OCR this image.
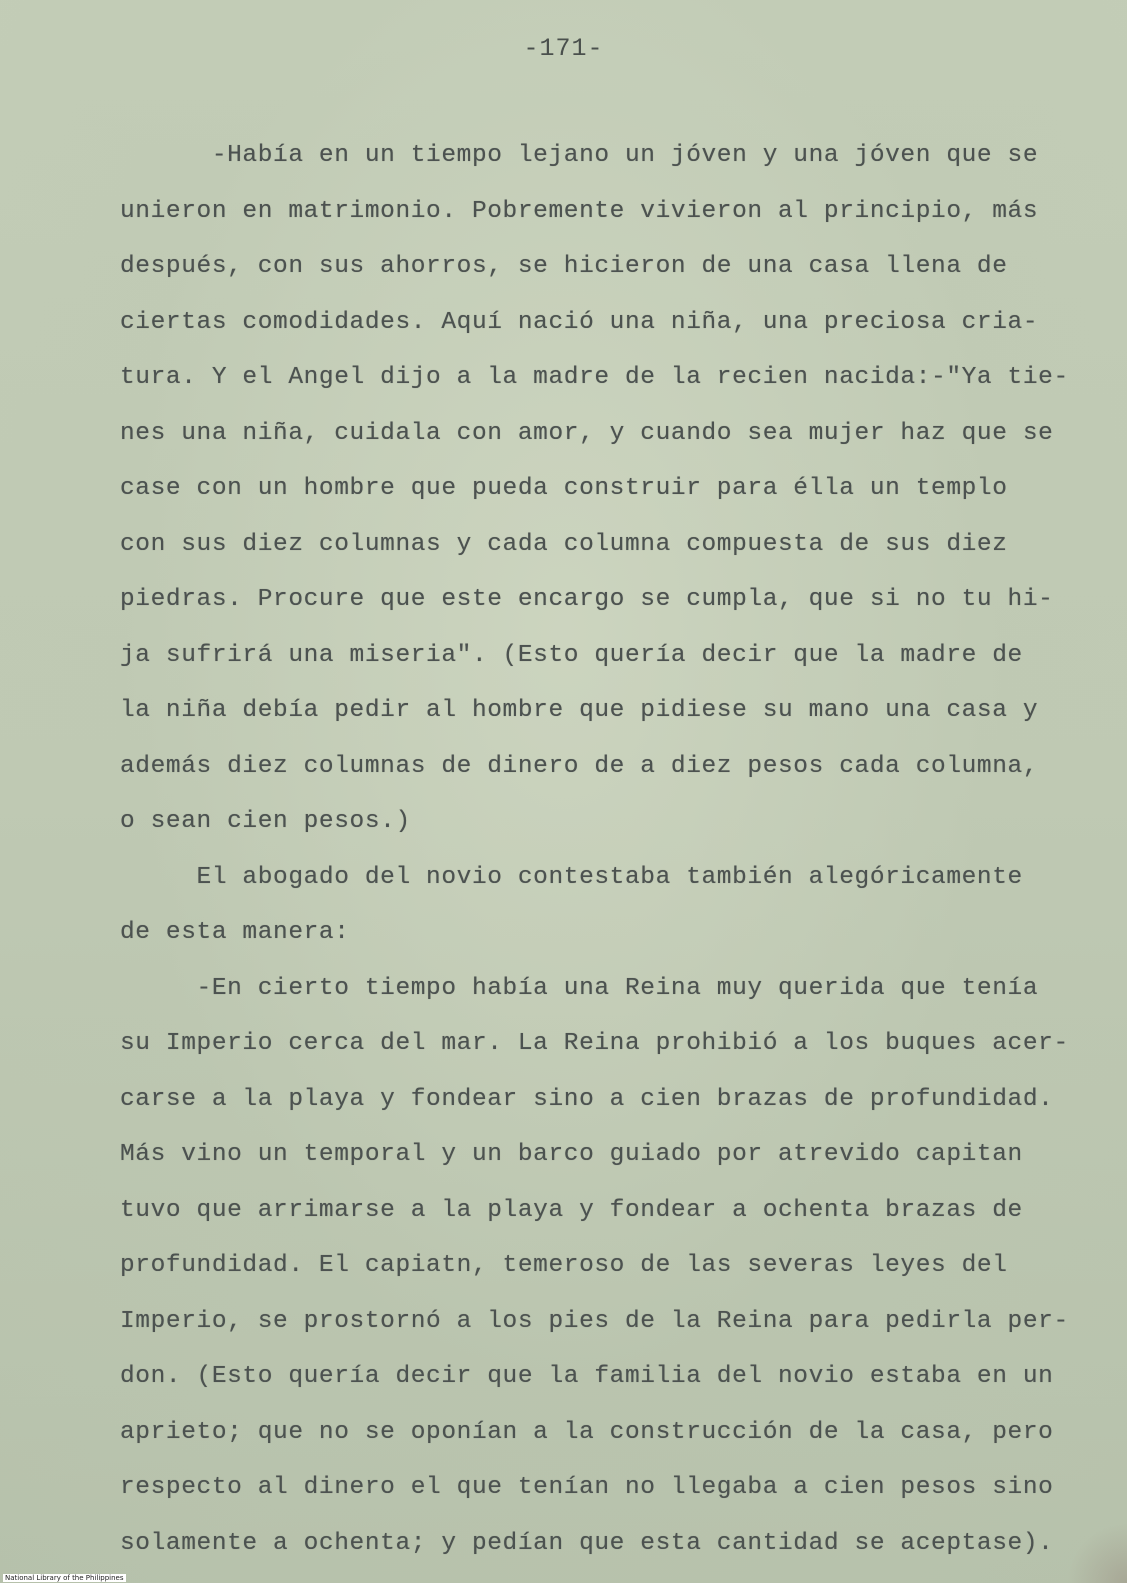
-171-
-Había en un tiempo lejano un jóven y una jóven que se
unieron en matrimonio. Pobremente vivieron al principio, más
después, con sus ahorros, se hicieron de una casa llena de
ciertas comodidades. Aquí nació una niña, una preciosa cria-
tura. Y el Angel dijo a la madre de la recien nacida:-"Ya tie-
nes una niña, cuidala con amor, y cuando sea mujer haz que se
case con un hombre que pueda construir para élla un templo
con sus diez columnas y cada columna compuesta de sus diez
piedras. Procure que este encargo se cumpla, que si no tu hi-
ja sufrirá una miseria". (Esto quería decir que la madre de
la niña debía pedir al hombre que pidiese su mano una casa y
además diez columnas de dinero de a diez pesos cada columna,
o sean cien pesos.)
El abogado del novio contestaba también alegóricamente
de esta manera:
-En cierto tiempo había una Reina muy querida que tenía
su Imperio cerca del mar. La Reina prohibió a los buques acer-
carse a la playa y fondear sino a cien brazas de profundidad.
Más vino un temporal y un barco guiado por atrevido capitan
tuvo que arrimarse a la playa y fondear a ochenta brazas de
profundidad. El capiatn, temeroso de las severas leyes del
Imperio, se prostornó a los pies de la Reina para pedirla per-
don. (Esto quería decir que la familia del novio estaba en un
aprieto; que no se oponían a la construcción de la casa, pero
respecto al dinero el que tenían no llegaba a cien pesos sino
solamente a ochenta; y pedían que esta cantidad se aceptase).
National Library of the Philippines
